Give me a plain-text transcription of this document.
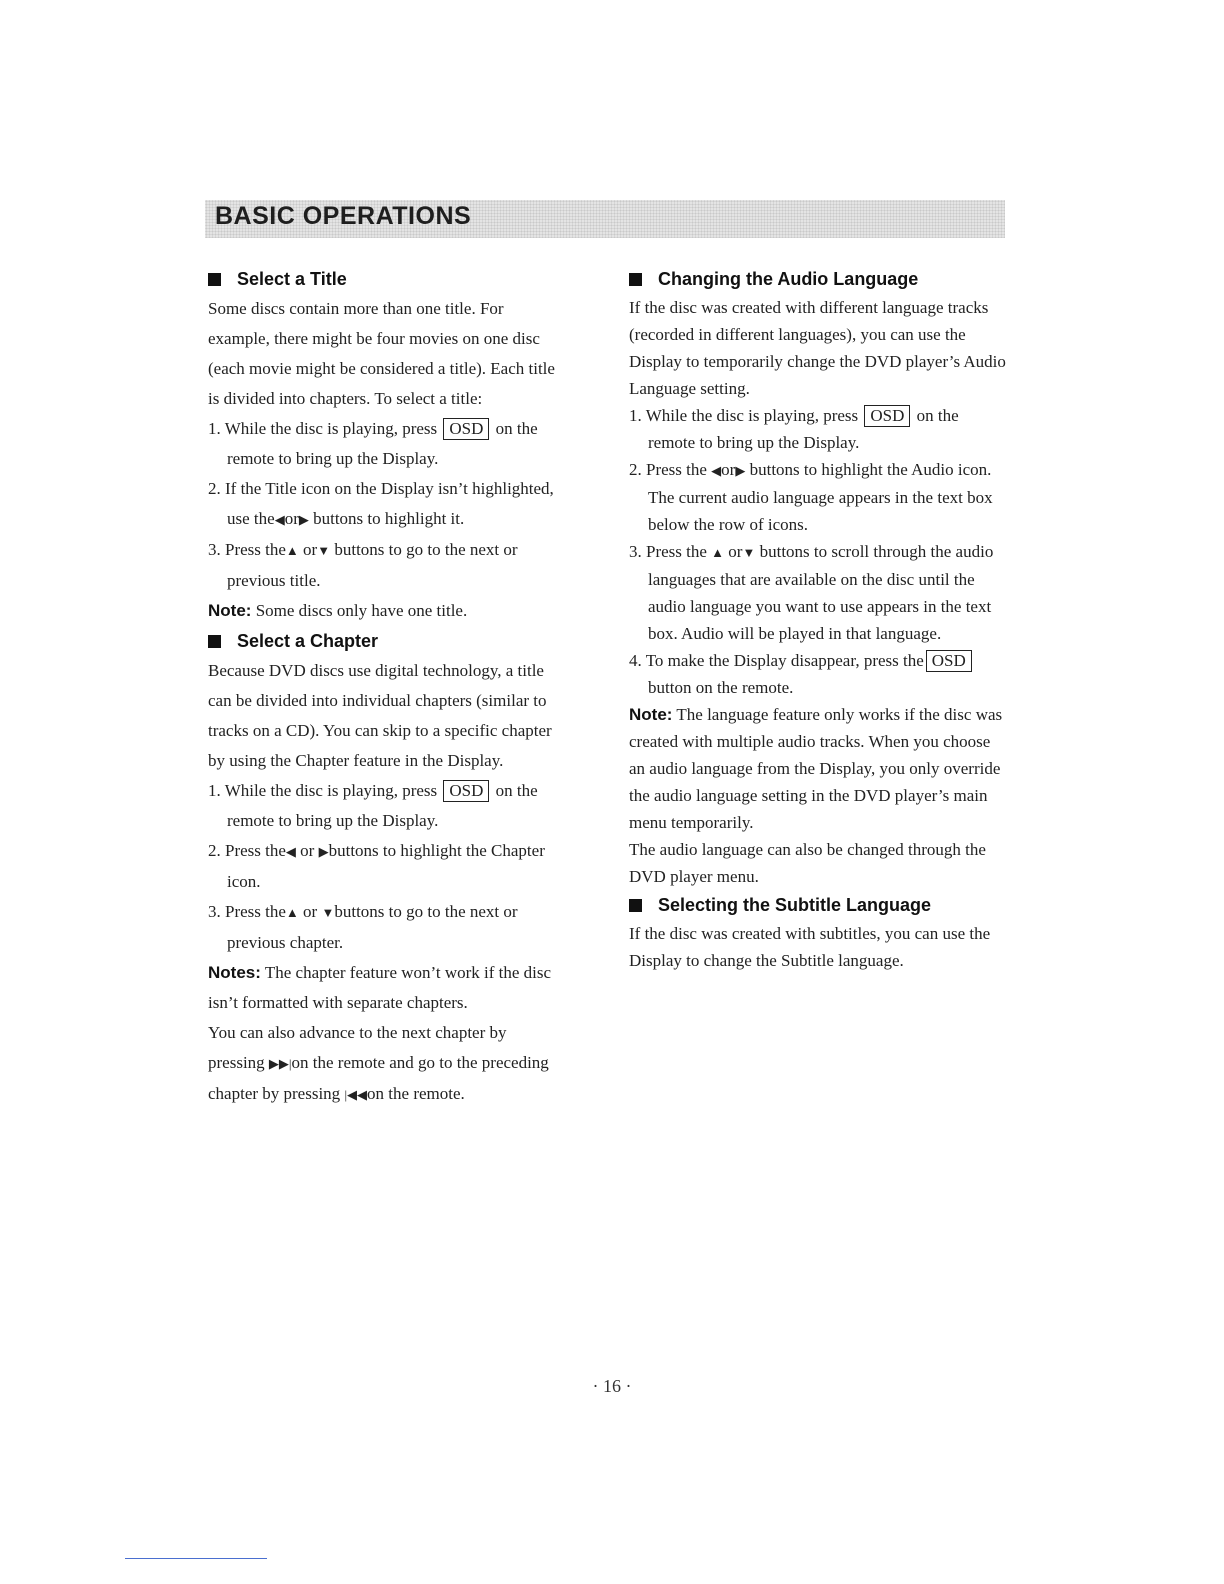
BASIC OPERATIONS
Select a Title

Some discs contain more than one title. For example, there might be four movies on one disc (each movie might be considered a title). Each title is divided into chapters. To select a title:

1. While the disc is playing, press OSD on the remote to bring up the Display.
2. If the Title icon on the Display isn’t highlighted, use the◀or▶ buttons to highlight it.
3. Press the▲ or▼ buttons to go to the next or previous title.

Note: Some discs only have one title.

Select a Chapter

Because DVD discs use digital technology, a title can be divided into individual chapters (similar to tracks on a CD). You can skip to a specific chapter by using the Chapter feature in the Display.

1. While the disc is playing, press OSD on the remote to bring up the Display.
2. Press the◀ or ▶buttons to highlight the Chapter icon.
3. Press the▲ or ▼buttons to go to the next or previous chapter.

Notes: The chapter feature won’t work if the disc isn’t formatted with separate chapters.

You can also advance to the next chapter by pressing ▶▶|on the remote and go to the preceding chapter by pressing |◀◀on the remote.

Changing the Audio Language

If the disc was created with different language tracks (recorded in different languages), you can use the Display to temporarily change the DVD player’s Audio Language setting.

1. While the disc is playing, press OSD on the remote to bring up the Display.
2. Press the ◀or▶ buttons to highlight the Audio icon. The current audio language appears in the text box below the row of icons.
3. Press the ▲ or▼ buttons to scroll through the audio languages that are available on the disc until the audio language you want to use appears in the text box. Audio will be played in that language.
4. To make the Display disappear, press the OSD button on the remote.

Note: The language feature only works if the disc was created with multiple audio tracks. When you choose an audio language from the Display, you only override the audio language setting in the DVD player’s main menu temporarily.

The audio language can also be changed through the DVD player menu.

Selecting the Subtitle Language

If the disc was created with subtitles, you can use the Display to change the Subtitle language.

· 16 ·
